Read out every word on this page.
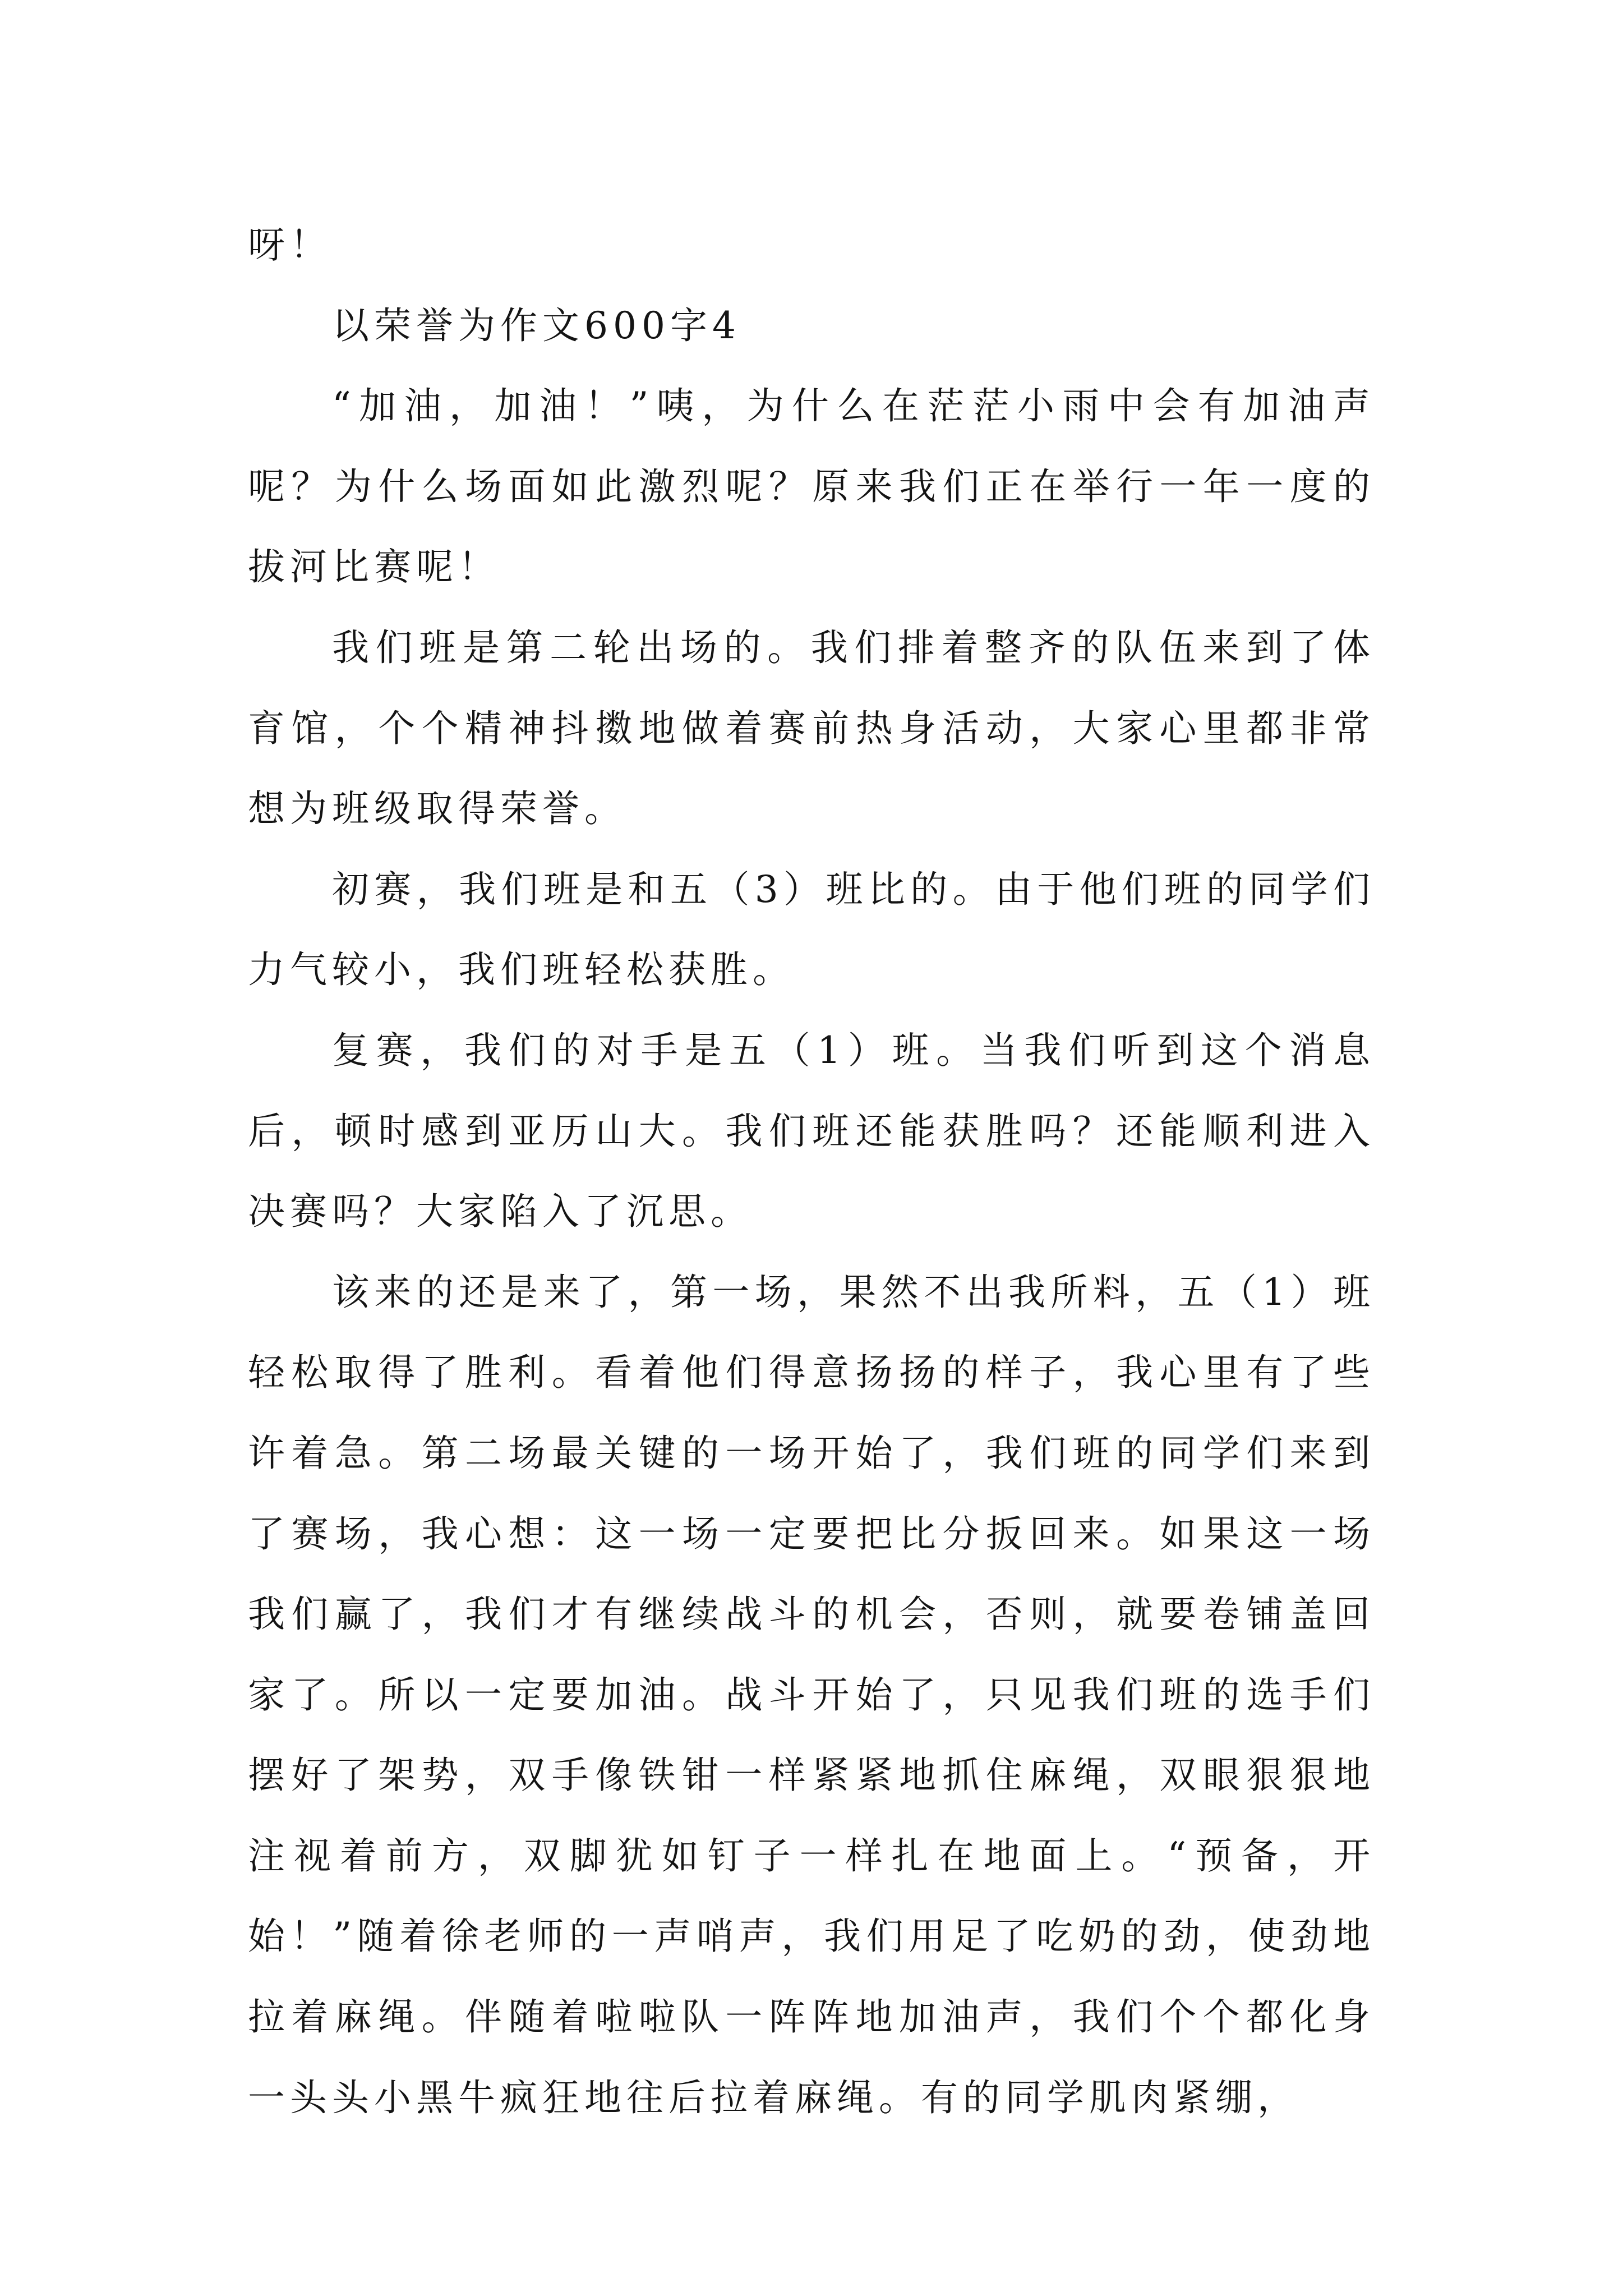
呀！

以荣誉为作文600字4

“加油，加油！”咦，为什么在茫茫小雨中会有加油声呢？为什么场面如此激烈呢？原来我们正在举行一年一度的拔河比赛呢！

我们班是第二轮出场的。我们排着整齐的队伍来到了体育馆，个个精神抖擞地做着赛前热身活动，大家心里都非常想为班级取得荣誉。

初赛，我们班是和五（3）班比的。由于他们班的同学们力气较小，我们班轻松获胜。

复赛，我们的对手是五（1）班。当我们听到这个消息后，顿时感到亚历山大。我们班还能获胜吗？还能顺利进入决赛吗？大家陷入了沉思。

该来的还是来了，第一场，果然不出我所料，五（1）班轻松取得了胜利。看着他们得意扬扬的样子，我心里有了些许着急。第二场最关键的一场开始了，我们班的同学们来到了赛场，我心想：这一场一定要把比分扳回来。如果这一场我们赢了，我们才有继续战斗的机会，否则，就要卷铺盖回家了。所以一定要加油。战斗开始了，只见我们班的选手们摆好了架势，双手像铁钳一样紧紧地抓住麻绳，双眼狠狠地注视着前方，双脚犹如钉子一样扎在地面上。“预备，开始！”随着徐老师的一声哨声，我们用足了吃奶的劲，使劲地拉着麻绳。伴随着啦啦队一阵阵地加油声，我们个个都化身一头头小黑牛疯狂地往后拉着麻绳。有的同学肌肉紧绷，
